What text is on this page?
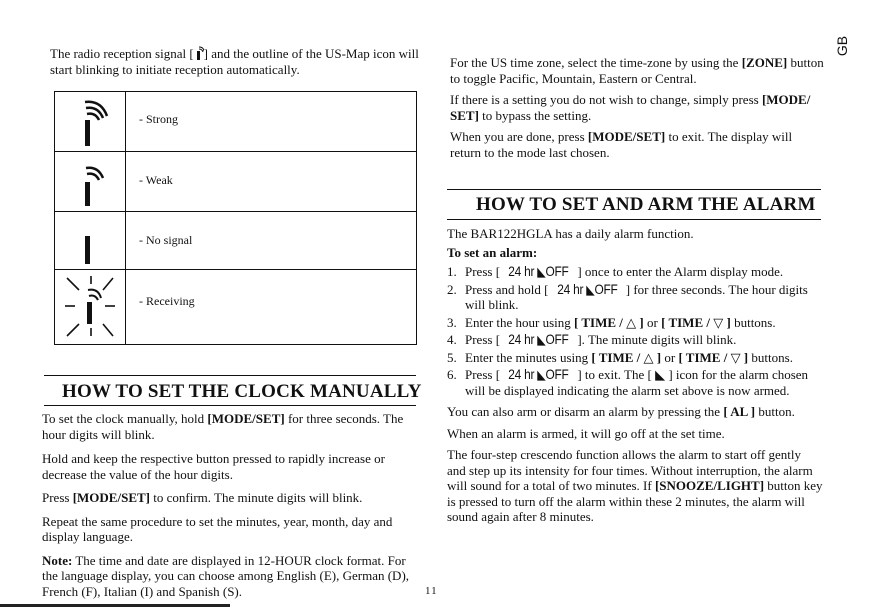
GB

The radio reception signal [ ] and the outline of the US-Map icon will start blinking to initiate reception automatically.

- Strong
- Weak
- No signal
- Receiving
HOW TO SET THE CLOCK MANUALLY

To set the clock manually, hold [MODE/SET] for three seconds. The hour digits will blink.

Hold and keep the respective button pressed to rapidly increase or decrease the value of the hour digits.

Press [MODE/SET] to confirm. The minute digits will blink.

Repeat the same procedure to set the minutes, year, month, day and display language.

Note: The time and date are displayed in 12-HOUR clock format. For the language display, you can choose among English (E), German (D), French (F), Italian (I) and Spanish (S).	11

For the US time zone, select the time-zone by using the [ZONE] button to toggle Pacific, Mountain, Eastern or Central.

If there is a setting you do not wish to change, simply press [MODE/ SET] to bypass the setting.

When you are done, press [MODE/SET] to exit. The display will return to the mode last chosen.

HOW TO SET AND ARM THE ALARM

The BAR122HGLA has a daily alarm function.

To set an alarm:

1. Press [ 24 hr ◣OFF ] once to enter the Alarm display mode.
2. Press and hold [ 24 hr ◣OFF ] for three seconds. The hour digits will blink.
3. Enter the hour using [ TIME / △ ] or [ TIME / ▽ ] buttons.
4. Press [ 24 hr ◣OFF ]. The minute digits will blink.
5. Enter the minutes using [ TIME / △ ] or [ TIME / ▽ ] buttons.
6. Press [ 24 hr ◣OFF ] to exit. The [ ◣ ] icon for the alarm chosen will be displayed indicating the alarm set above is now armed.

You can also arm or disarm an alarm by pressing the [ AL ] button.

When an alarm is armed, it will go off at the set time.

The four-step crescendo function allows the alarm to start off gently and step up its intensity for four times. Without interruption, the alarm will sound for a total of two minutes. If [SNOOZE/LIGHT] button key is pressed to turn off the alarm within these 2 minutes, the alarm will sound again after 8 minutes.
